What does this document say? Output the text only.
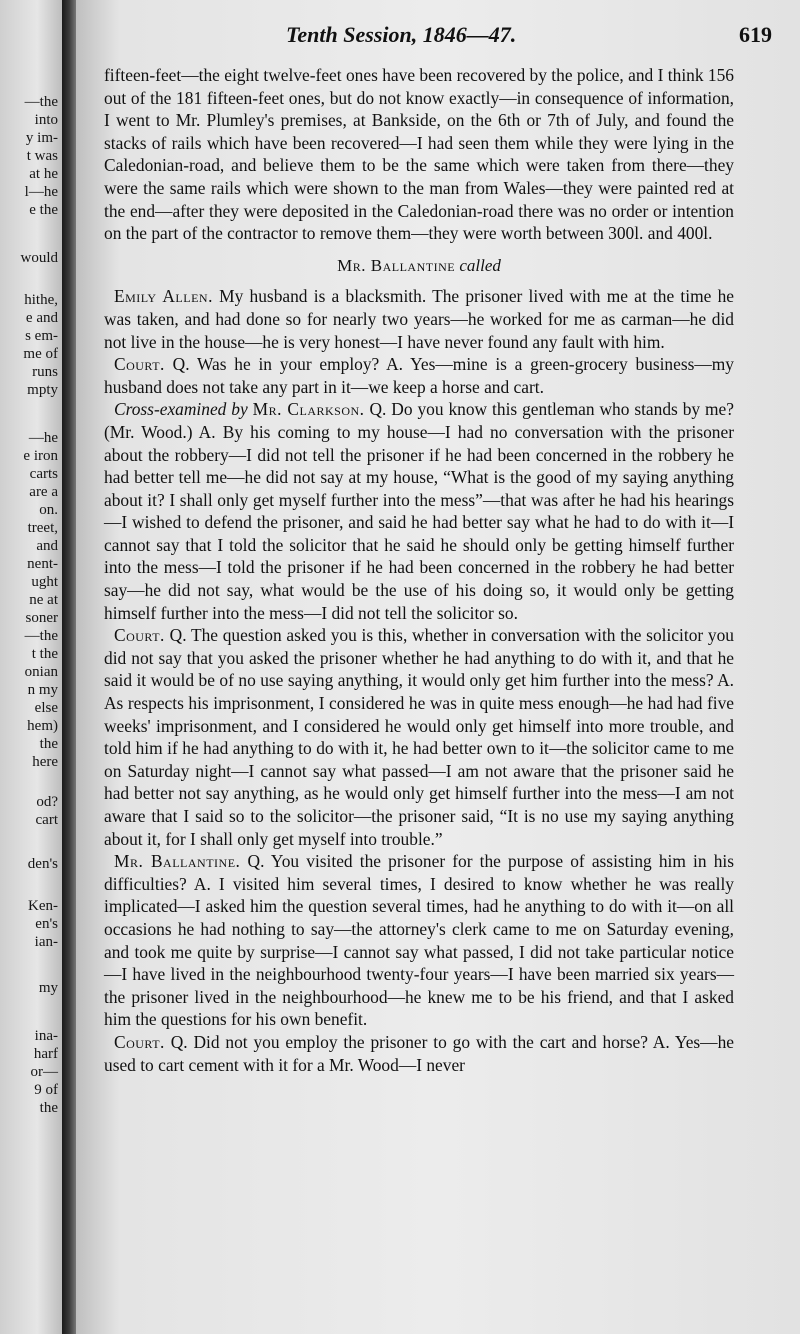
—the
into
y im-
t was
at he
l—he
e the
would
hithe,
e and
s em-
me of
runs
mpty
—he
e iron
carts
are a
on.
treet,
and
nent-
ught
ne at
soner
—the
t the
onian
n my
else
hem)
the
here
od?
cart
den's
Ken-
en's
ian-
my
ina-
harf
or—
9 of
the
Tenth Session, 1846—47.	619

fifteen-feet—the eight twelve-feet ones have been recovered by the police, and I think 156 out of the 181 fifteen-feet ones, but do not know exactly—in consequence of information, I went to Mr. Plumley's premises, at Bankside, on the 6th or 7th of July, and found the stacks of rails which have been recovered—I had seen them while they were lying in the Caledonian-road, and believe them to be the same which were taken from there—they were the same rails which were shown to the man from Wales—they were painted red at the end—after they were deposited in the Caledonian-road there was no order or intention on the part of the contractor to remove them—they were worth between 300l. and 400l.

Mr. Ballantine called

Emily Allen. My husband is a blacksmith. The prisoner lived with me at the time he was taken, and had done so for nearly two years—he worked for me as carman—he did not live in the house—he is very honest—I have never found any fault with him.

Court. Q. Was he in your employ? A. Yes—mine is a green-grocery business—my husband does not take any part in it—we keep a horse and cart.

Cross-examined by Mr. Clarkson. Q. Do you know this gentleman who stands by me? (Mr. Wood.) A. By his coming to my house—I had no conversation with the prisoner about the robbery—I did not tell the prisoner if he had been concerned in the robbery he had better tell me—he did not say at my house, “What is the good of my saying anything about it? I shall only get myself further into the mess”—that was after he had his hearings—I wished to defend the prisoner, and said he had better say what he had to do with it—I cannot say that I told the solicitor that he said he should only be getting himself further into the mess—I told the prisoner if he had been concerned in the robbery he had better say—he did not say, what would be the use of his doing so, it would only be getting himself further into the mess—I did not tell the solicitor so.

Court. Q. The question asked you is this, whether in conversation with the solicitor you did not say that you asked the prisoner whether he had anything to do with it, and that he said it would be of no use saying anything, it would only get him further into the mess? A. As respects his imprisonment, I considered he was in quite mess enough—he had had five weeks' imprisonment, and I considered he would only get himself into more trouble, and told him if he had anything to do with it, he had better own to it—the solicitor came to me on Saturday night—I cannot say what passed—I am not aware that the prisoner said he had better not say anything, as he would only get himself further into the mess—I am not aware that I said so to the solicitor—the prisoner said, “It is no use my saying anything about it, for I shall only get myself into trouble.”

Mr. Ballantine. Q. You visited the prisoner for the purpose of assisting him in his difficulties? A. I visited him several times, I desired to know whether he was really implicated—I asked him the question several times, had he anything to do with it—on all occasions he had nothing to say—the attorney's clerk came to me on Saturday evening, and took me quite by surprise—I cannot say what passed, I did not take particular notice—I have lived in the neighbourhood twenty-four years—I have been married six years—the prisoner lived in the neighbourhood—he knew me to be his friend, and that I asked him the questions for his own benefit.

Court. Q. Did not you employ the prisoner to go with the cart and horse? A. Yes—he used to cart cement with it for a Mr. Wood—I never
